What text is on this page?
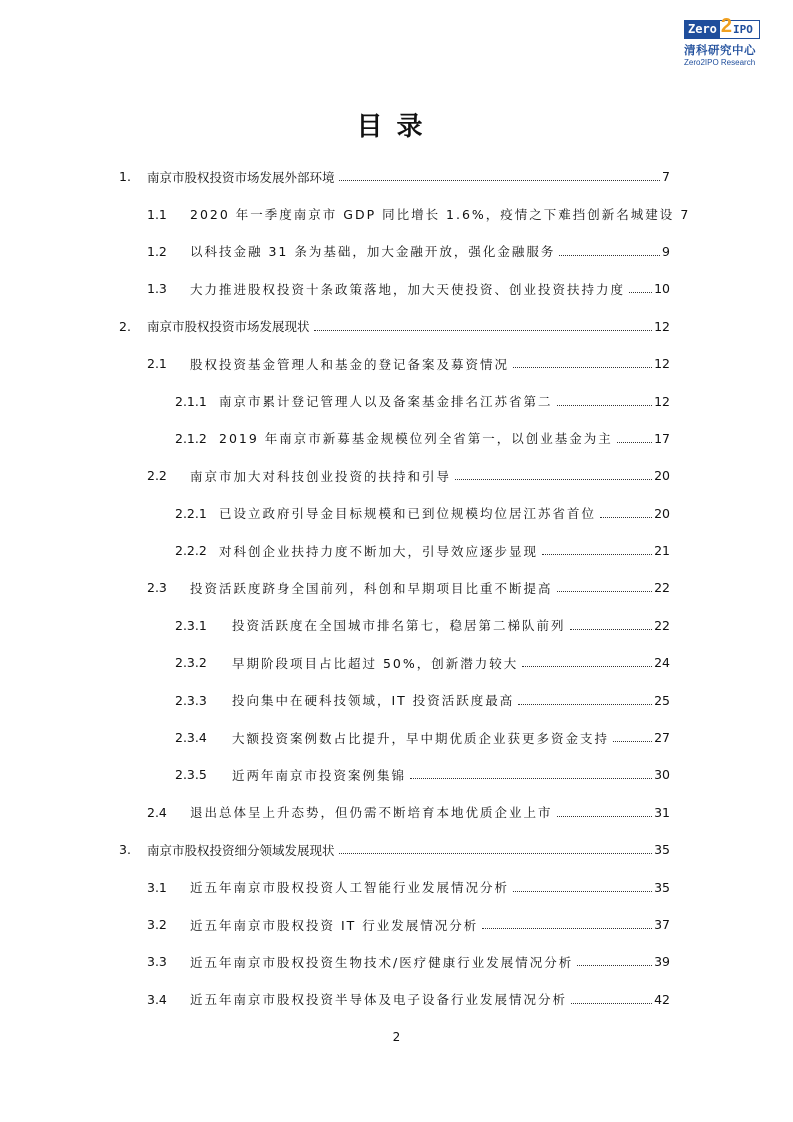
Zero 2 IPO
清科研究中心
Zero2IPO Research
目录
1. 南京市股权投资市场发展外部环境	7
1.1 2020 年一季度南京市 GDP 同比增长 1.6%，疫情之下难挡创新名城建设 7
1.2 以科技金融 31 条为基础，加大金融开放，强化金融服务	9
1.3 大力推进股权投资十条政策落地，加大天使投资、创业投资扶持力度 10
2. 南京市股权投资市场发展现状	12
2.1 股权投资基金管理人和基金的登记备案及募资情况	12
2.1.1 南京市累计登记管理人以及备案基金排名江苏省第二	12
2.1.2 2019 年南京市新募基金规模位列全省第一，以创业基金为主	17
2.2 南京市加大对科技创业投资的扶持和引导	20
2.2.1 已设立政府引导金目标规模和已到位规模均位居江苏省首位	20
2.2.2 对科创企业扶持力度不断加大，引导效应逐步显现	21
2.3 投资活跃度跻身全国前列，科创和早期项目比重不断提高	22
2.3.1 投资活跃度在全国城市排名第七，稳居第二梯队前列	22
2.3.2 早期阶段项目占比超过 50%，创新潜力较大	24
2.3.3 投向集中在硬科技领域，IT 投资活跃度最高	25
2.3.4 大额投资案例数占比提升，早中期优质企业获更多资金支持	27
2.3.5 近两年南京市投资案例集锦	30
2.4 退出总体呈上升态势，但仍需不断培育本地优质企业上市	31
3. 南京市股权投资细分领域发展现状	35
3.1 近五年南京市股权投资人工智能行业发展情况分析	35
3.2 近五年南京市股权投资 IT 行业发展情况分析	37
3.3 近五年南京市股权投资生物技术/医疗健康行业发展情况分析	39
3.4 近五年南京市股权投资半导体及电子设备行业发展情况分析	42
2
